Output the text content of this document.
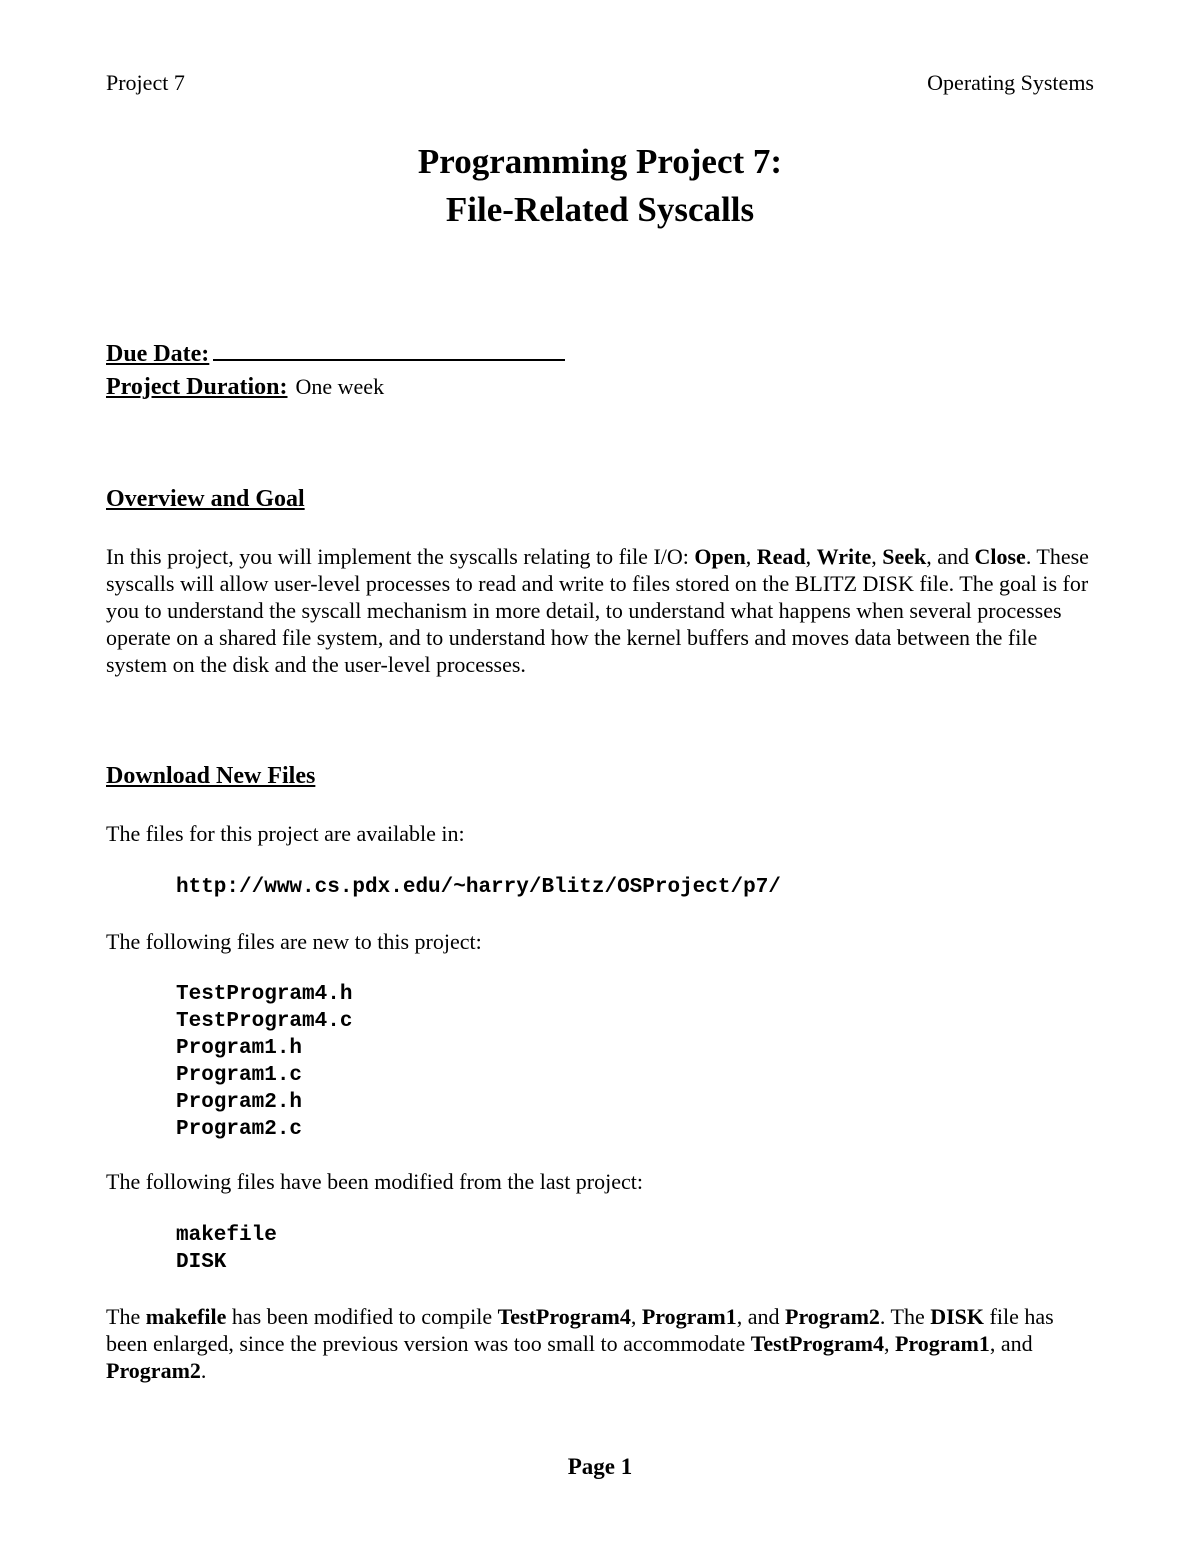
Project 7	Operating Systems
Programming Project 7:
File-Related Syscalls
Due Date:
Project Duration: One week
Overview and Goal
In this project, you will implement the syscalls relating to file I/O: Open, Read, Write, Seek, and Close. These syscalls will allow user-level processes to read and write to files stored on the BLITZ DISK file. The goal is for you to understand the syscall mechanism in more detail, to understand what happens when several processes operate on a shared file system, and to understand how the kernel buffers and moves data between the file system on the disk and the user-level processes.
Download New Files
The files for this project are available in:
http://www.cs.pdx.edu/~harry/Blitz/OSProject/p7/
The following files are new to this project:
TestProgram4.h
TestProgram4.c
Program1.h
Program1.c
Program2.h
Program2.c
The following files have been modified from the last project:
makefile
DISK
The makefile has been modified to compile TestProgram4, Program1, and Program2. The DISK file has been enlarged, since the previous version was too small to accommodate TestProgram4, Program1, and Program2.
Page 1
